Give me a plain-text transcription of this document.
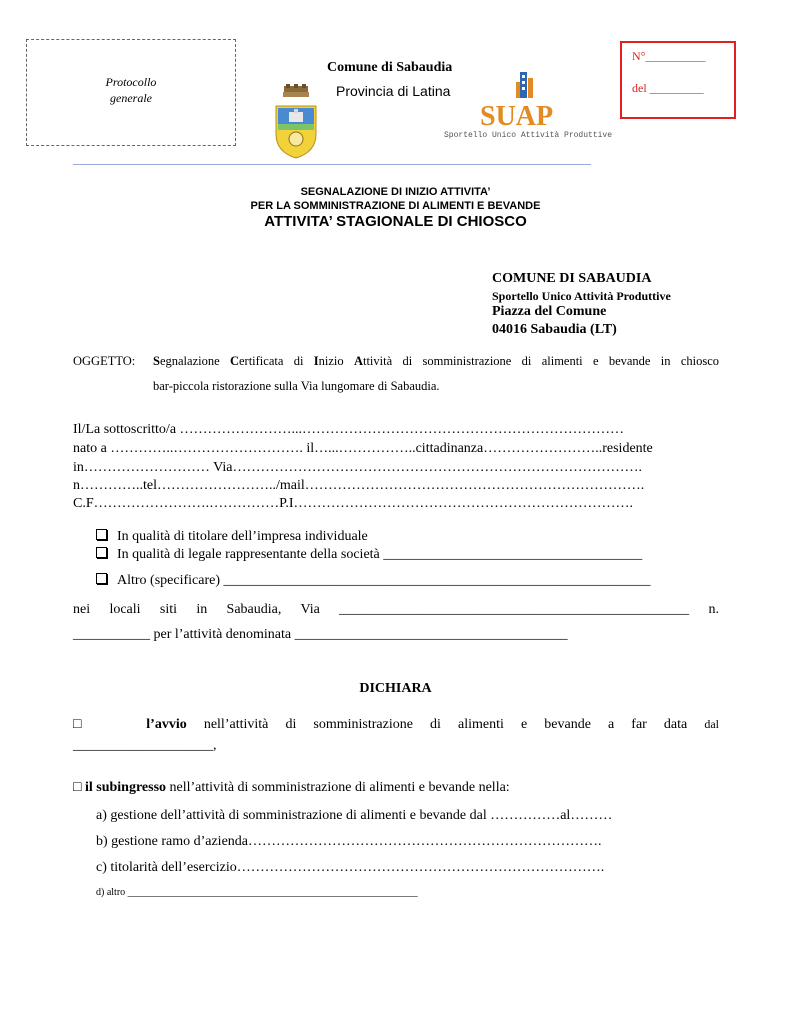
Protocollo
generale
N°__________
del _________
Comune di Sabaudia
Provincia di Latina
SUAP
Sportello Unico Attività Produttive
SEGNALAZIONE DI INIZIO ATTIVITA’
PER LA SOMMINISTRAZIONE DI ALIMENTI E BEVANDE
ATTIVITA’ STAGIONALE DI CHIOSCO
COMUNE DI SABAUDIA
Sportello Unico Attività Produttive
Piazza del Comune
04016 Sabaudia (LT)
OGGETTO: Segnalazione Certificata di Inizio Attività di somministrazione di alimenti e bevande in chiosco
bar-piccola ristorazione sulla Via lungomare di Sabaudia.
Il/La sottoscritto/a ……………………...……………………………………………………………
nato a …………..………………………. il…...……………..cittadinanza……………………..residente
in……………………… Via…………………………………………………………………………….
n…………..tel……………………../mail……………………………………………………………….
C.F…………………….……………P.I……………………………………………………………….
In qualità di titolare dell’impresa individuale
In qualità di legale rappresentante della società _____________________________________
Altro (specificare) _____________________________________________________________
nei locali siti in Sabaudia, Via __________________________________________________ n.
___________ per l’attività denominata _______________________________________
DICHIARA
□	l’avvio nell’attività di somministrazione di alimenti e bevande a far data dal
____________________,
□ il subingresso nell’attività di somministrazione di alimenti e bevande nella:
a) gestione dell’attività di somministrazione di alimenti e bevande dal ……………al………
b) gestione ramo d’azienda………………………………………………………………….
c) titolarità dell’esercizio…………………………………………………………………….
d) altro __________________________________________________________
